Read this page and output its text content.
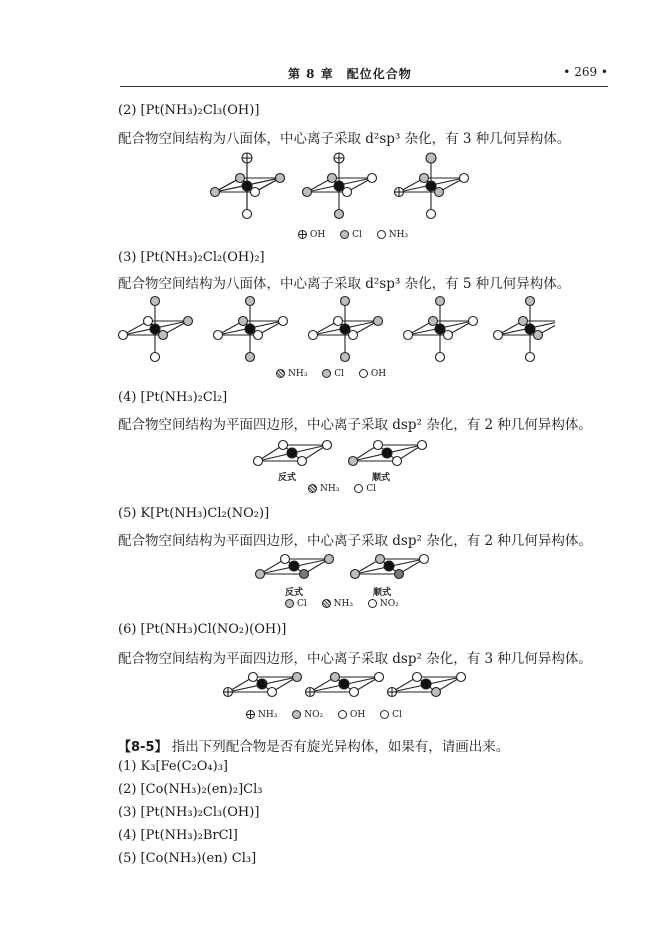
第 8 章　配位化合物	• 269 •
(2) [Pt(NH₃)₂Cl₃(OH)]
配合物空间结构为八面体，中心离子采取 d²sp³ 杂化，有 3 种几何异构体。
OH	Cl	NH₃
(3) [Pt(NH₃)₂Cl₂(OH)₂]
配合物空间结构为八面体，中心离子采取 d²sp³ 杂化，有 5 种几何异构体。
NH₃	Cl	OH
(4) [Pt(NH₃)₂Cl₂]
配合物空间结构为平面四边形，中心离子采取 dsp² 杂化，有 2 种几何异构体。
反式	顺式
NH₃	Cl
(5) K[Pt(NH₃)Cl₂(NO₂)]
配合物空间结构为平面四边形，中心离子采取 dsp² 杂化，有 2 种几何异构体。
反式	顺式
Cl	NH₃	NO₂
(6) [Pt(NH₃)Cl(NO₂)(OH)]
配合物空间结构为平面四边形，中心离子采取 dsp² 杂化，有 3 种几何异构体。
NH₃	NO₂	OH	Cl
【8-5】 指出下列配合物是否有旋光异构体，如果有，请画出来。
(1) K₃[Fe(C₂O₄)₃]
(2) [Co(NH₃)₂(en)₂]Cl₃
(3) [Pt(NH₃)₂Cl₃(OH)]
(4) [Pt(NH₃)₂BrCl]
(5) [Co(NH₃)(en) Cl₃]
